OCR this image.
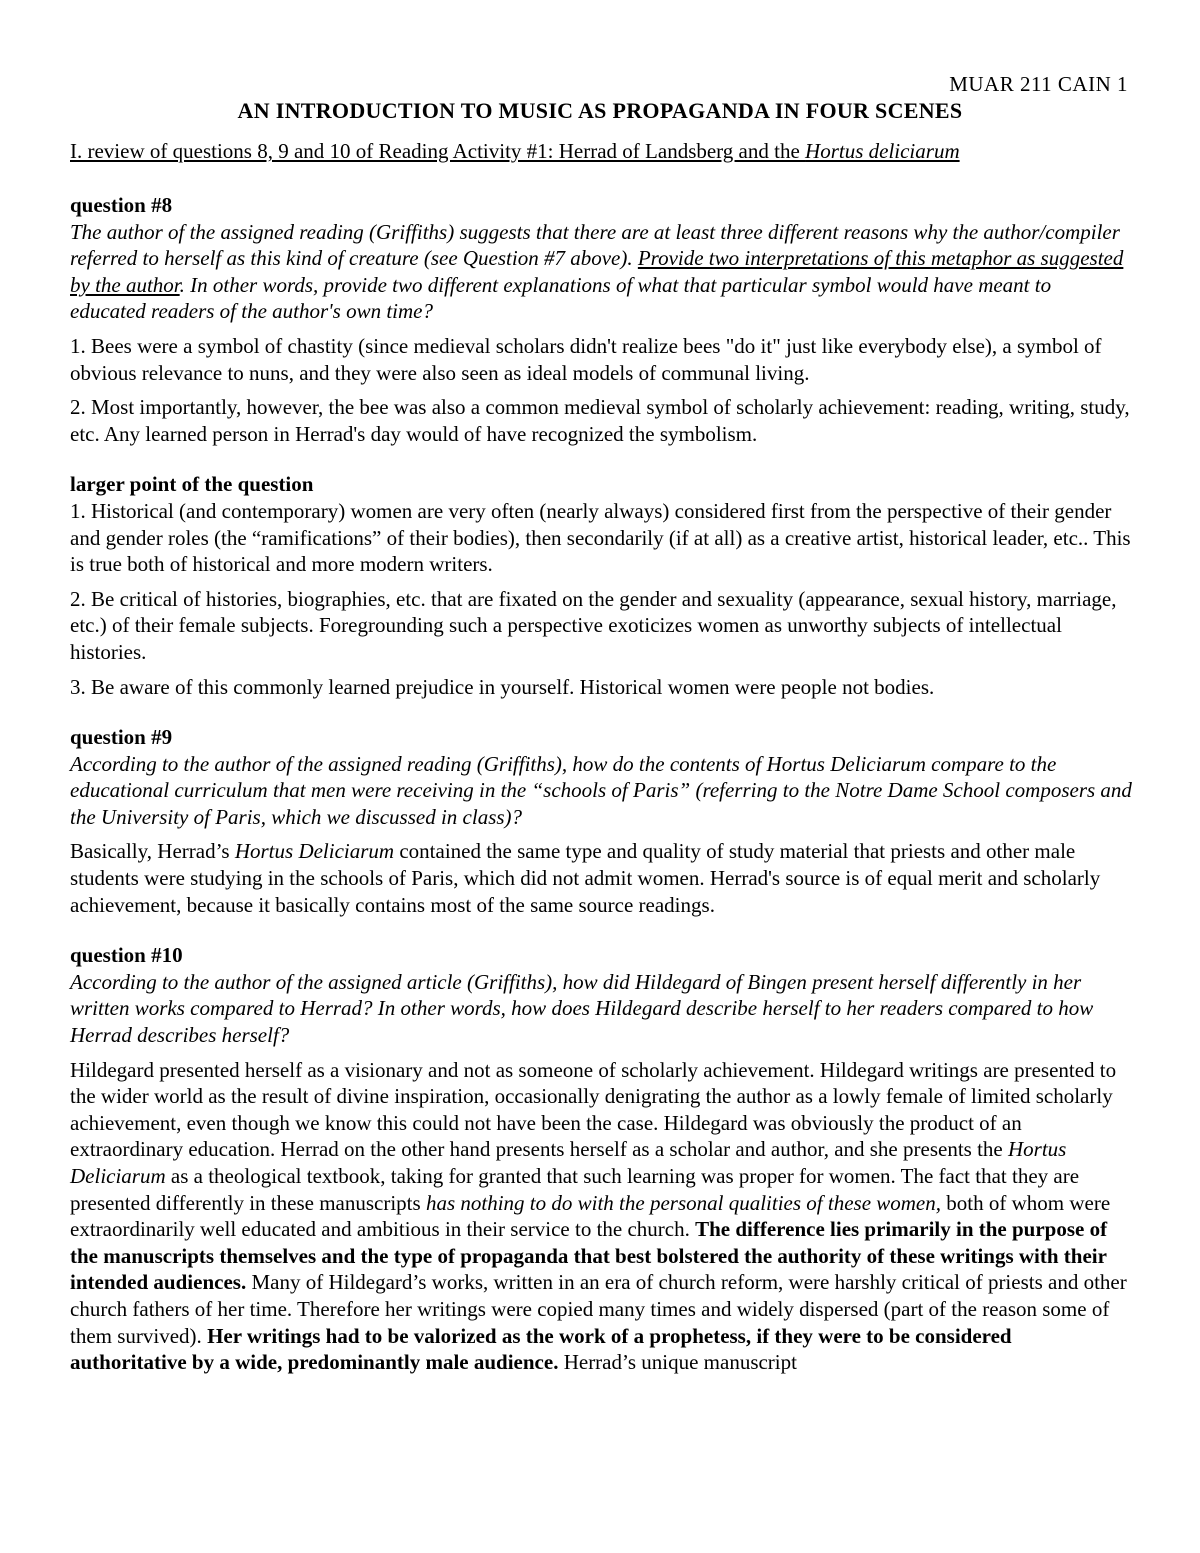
MUAR 211 CAIN 1
AN INTRODUCTION TO MUSIC AS PROPAGANDA IN FOUR SCENES
I. review of questions 8, 9 and 10 of Reading Activity #1: Herrad of Landsberg and the Hortus deliciarum

question #8

The author of the assigned reading (Griffiths) suggests that there are at least three different reasons why the author/compiler referred to herself as this kind of creature (see Question #7 above). Provide two interpretations of this metaphor as suggested by the author. In other words, provide two different explanations of what that particular symbol would have meant to educated readers of the author's own time?

1. Bees were a symbol of chastity (since medieval scholars didn't realize bees "do it" just like everybody else), a symbol of obvious relevance to nuns, and they were also seen as ideal models of communal living.

2. Most importantly, however, the bee was also a common medieval symbol of scholarly achievement: reading, writing, study, etc. Any learned person in Herrad's day would of have recognized the symbolism.

larger point of the question

1. Historical (and contemporary) women are very often (nearly always) considered first from the perspective of their gender and gender roles (the “ramifications” of their bodies), then secondarily (if at all) as a creative artist, historical leader, etc.. This is true both of historical and more modern writers.

2. Be critical of histories, biographies, etc. that are fixated on the gender and sexuality (appearance, sexual history, marriage, etc.) of their female subjects. Foregrounding such a perspective exoticizes women as unworthy subjects of intellectual histories.

3. Be aware of this commonly learned prejudice in yourself. Historical women were people not bodies.

question #9

According to the author of the assigned reading (Griffiths), how do the contents of Hortus Deliciarum compare to the educational curriculum that men were receiving in the “schools of Paris” (referring to the Notre Dame School composers and the University of Paris, which we discussed in class)?

Basically, Herrad’s Hortus Deliciarum contained the same type and quality of study material that priests and other male students were studying in the schools of Paris, which did not admit women. Herrad's source is of equal merit and scholarly achievement, because it basically contains most of the same source readings.

question #10

According to the author of the assigned article (Griffiths), how did Hildegard of Bingen present herself differently in her written works compared to Herrad? In other words, how does Hildegard describe herself to her readers compared to how Herrad describes herself?

Hildegard presented herself as a visionary and not as someone of scholarly achievement. Hildegard writings are presented to the wider world as the result of divine inspiration, occasionally denigrating the author as a lowly female of limited scholarly achievement, even though we know this could not have been the case. Hildegard was obviously the product of an extraordinary education. Herrad on the other hand presents herself as a scholar and author, and she presents the Hortus Deliciarum as a theological textbook, taking for granted that such learning was proper for women. The fact that they are presented differently in these manuscripts has nothing to do with the personal qualities of these women, both of whom were extraordinarily well educated and ambitious in their service to the church. The difference lies primarily in the purpose of the manuscripts themselves and the type of propaganda that best bolstered the authority of these writings with their intended audiences. Many of Hildegard’s works, written in an era of church reform, were harshly critical of priests and other church fathers of her time. Therefore her writings were copied many times and widely dispersed (part of the reason some of them survived). Her writings had to be valorized as the work of a prophetess, if they were to be considered authoritative by a wide, predominantly male audience. Herrad’s unique manuscript
